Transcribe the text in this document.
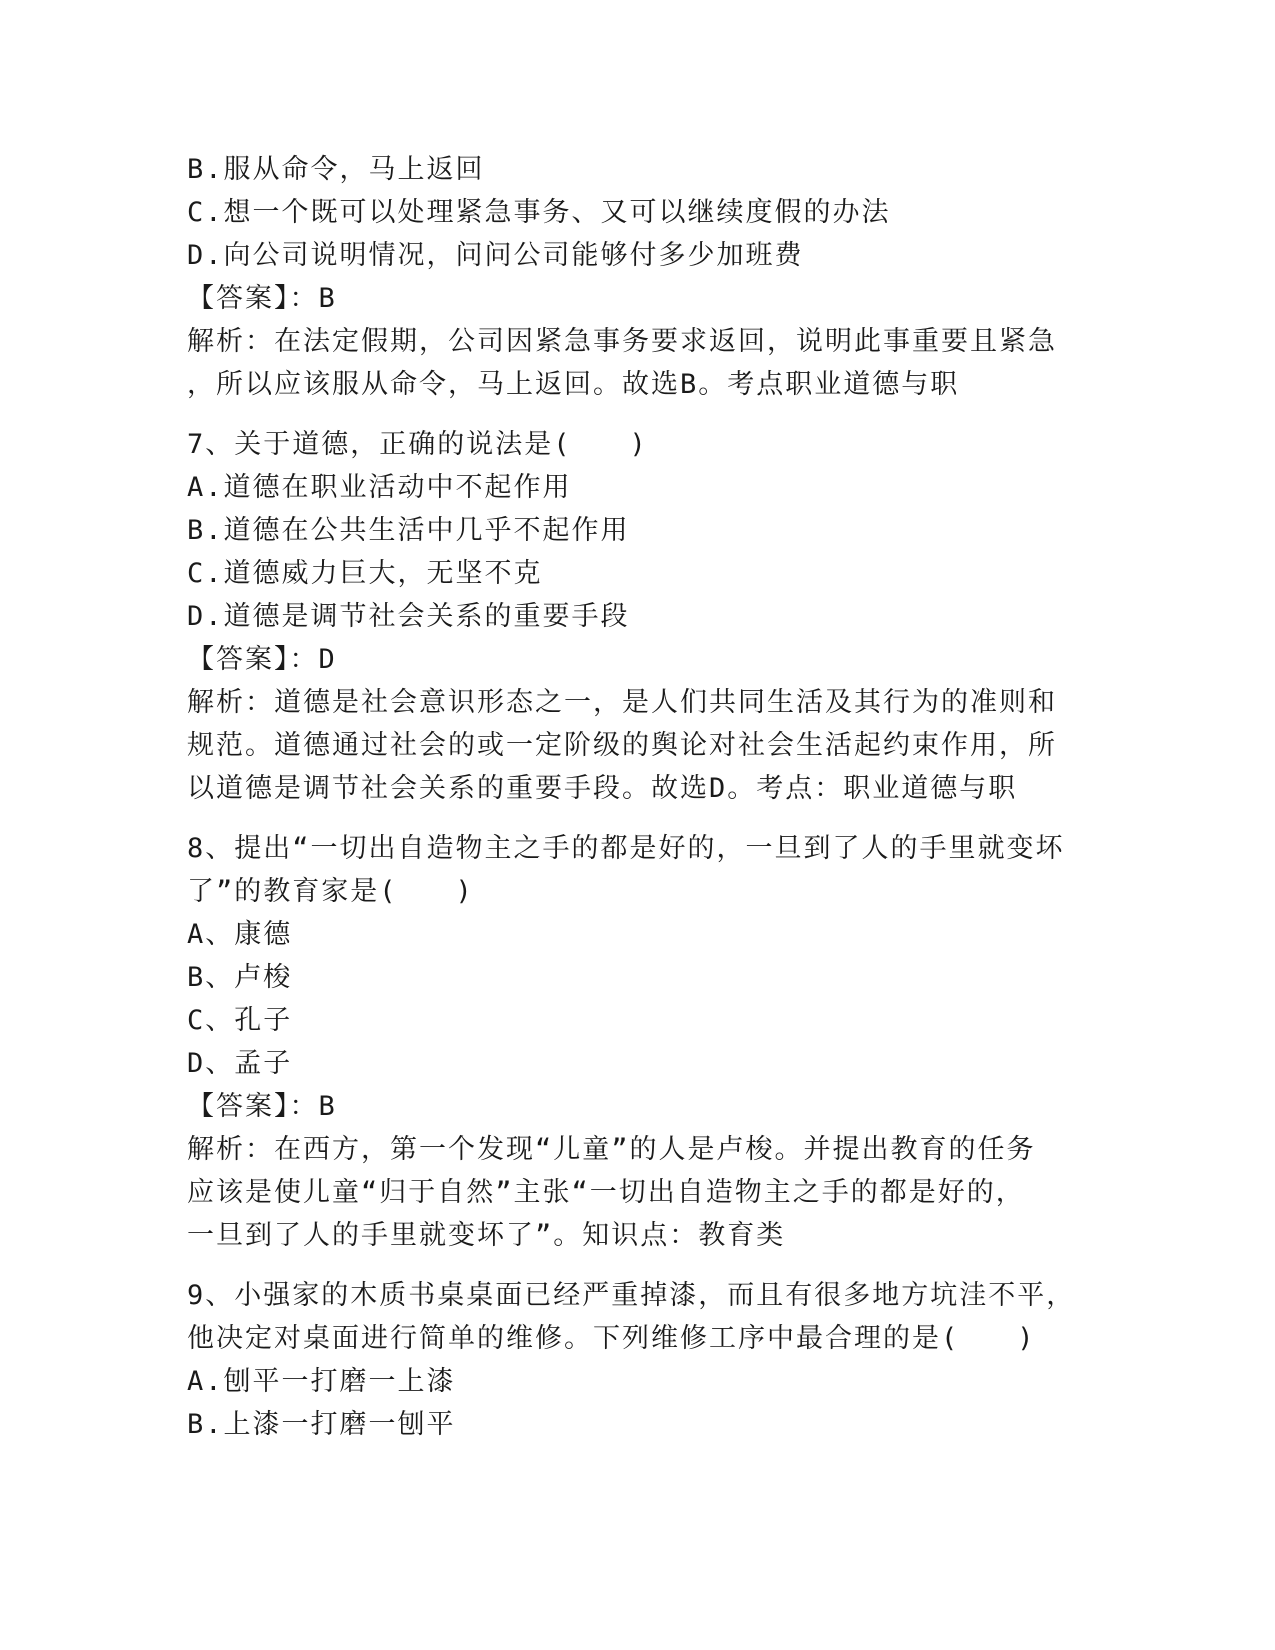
B.服从命令，马上返回
C.想一个既可以处理紧急事务、又可以继续度假的办法
D.向公司说明情况，问问公司能够付多少加班费
【答案】：B
解析：在法定假期，公司因紧急事务要求返回，说明此事重要且紧急
，所以应该服从命令，马上返回。故选B。考点职业道德与职
7、关于道德，正确的说法是(　　)
A.道德在职业活动中不起作用
B.道德在公共生活中几乎不起作用
C.道德威力巨大，无坚不克
D.道德是调节社会关系的重要手段
【答案】：D
解析：道德是社会意识形态之一，是人们共同生活及其行为的准则和
规范。道德通过社会的或一定阶级的舆论对社会生活起约束作用，所
以道德是调节社会关系的重要手段。故选D。考点：职业道德与职
8、提出“一切出自造物主之手的都是好的，一旦到了人的手里就变坏
了”的教育家是(　　)
A、康德
B、卢梭
C、孔子
D、孟子
【答案】：B
解析：在西方，第一个发现“儿童”的人是卢梭。并提出教育的任务
应该是使儿童“归于自然”主张“一切出自造物主之手的都是好的，
一旦到了人的手里就变坏了”。知识点：教育类
9、小强家的木质书桌桌面已经严重掉漆，而且有很多地方坑洼不平，
他决定对桌面进行简单的维修。下列维修工序中最合理的是(　　)
A.刨平一打磨一上漆
B.上漆一打磨一刨平
